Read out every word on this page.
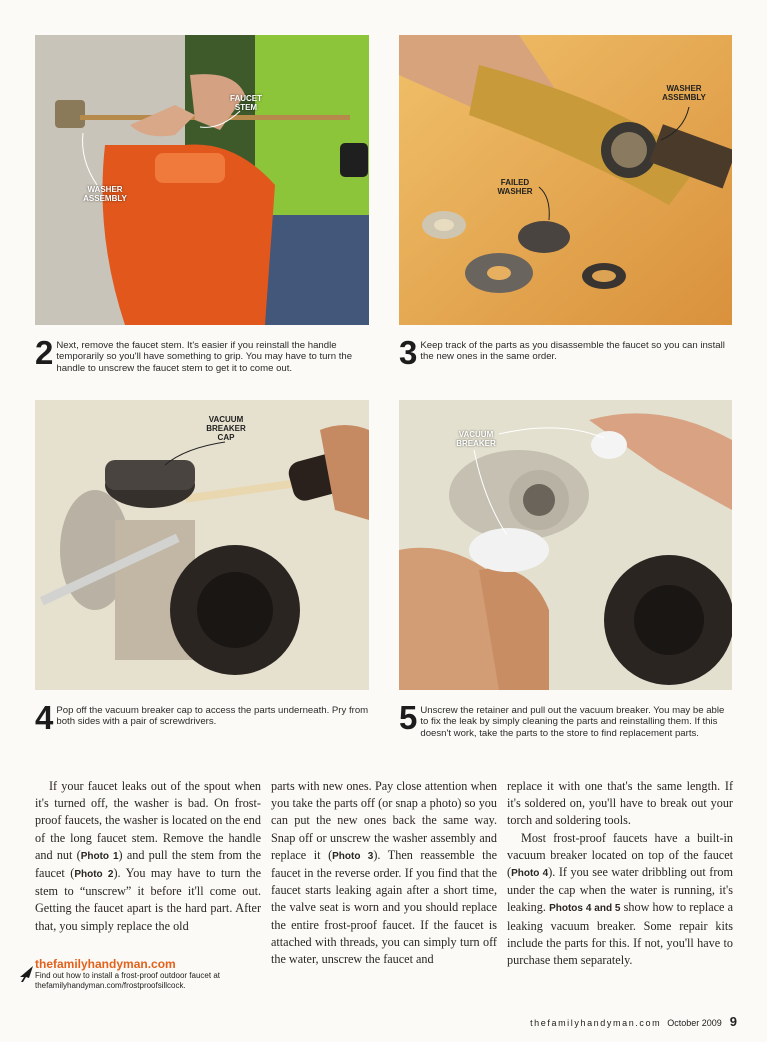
FAUCET STEM
WASHER ASSEMBLY
WASHER ASSEMBLY
FAILED WASHER
2 Next, remove the faucet stem. It's easier if you reinstall the handle temporarily so you'll have something to grip. You may have to turn the handle to unscrew the faucet stem to get it to come out.	3 Keep track of the parts as you disassemble the faucet so you can install the new ones in the same order.
VACUUM BREAKER CAP	VACUUM BREAKER
4 Pop off the vacuum breaker cap to access the parts underneath. Pry from both sides with a pair of screwdrivers.	5 Unscrew the retainer and pull out the vacuum breaker. You may be able to fix the leak by simply cleaning the parts and reinstalling them. If this doesn't work, take the parts to the store to find replacement parts.

If your faucet leaks out of the spout when it's turned off, the washer is bad. On frost-proof faucets, the washer is located on the end of the long faucet stem. Remove the handle and nut (Photo 1) and pull the stem from the faucet (Photo 2). You may have to turn the stem to “unscrew” it before it'll come out. Getting the faucet apart is the hard part. After that, you simply replace the old

parts with new ones. Pay close attention when you take the parts off (or snap a photo) so you can put the new ones back the same way. Snap off or unscrew the washer assembly and replace it (Photo 3). Then reassemble the faucet in the reverse order. If you find that the faucet starts leaking again after a short time, the valve seat is worn and you should replace the entire frost-proof faucet. If the faucet is attached with threads, you can simply turn off the water, unscrew the faucet and

replace it with one that's the same length. If it's soldered on, you'll have to break out your torch and soldering tools.

Most frost-proof faucets have a built-in vacuum breaker located on top of the faucet (Photo 4). If you see water dribbling out from under the cap when the water is running, it's leaking. Photos 4 and 5 show how to replace a leaking vacuum breaker. Some repair kits include the parts for this. If not, you'll have to purchase them separately.

thefamilyhandyman.com
Find out how to install a frost-proof outdoor faucet at
thefamilyhandyman.com/frostproofsillcock.
thefamilyhandyman.com October 2009 9
